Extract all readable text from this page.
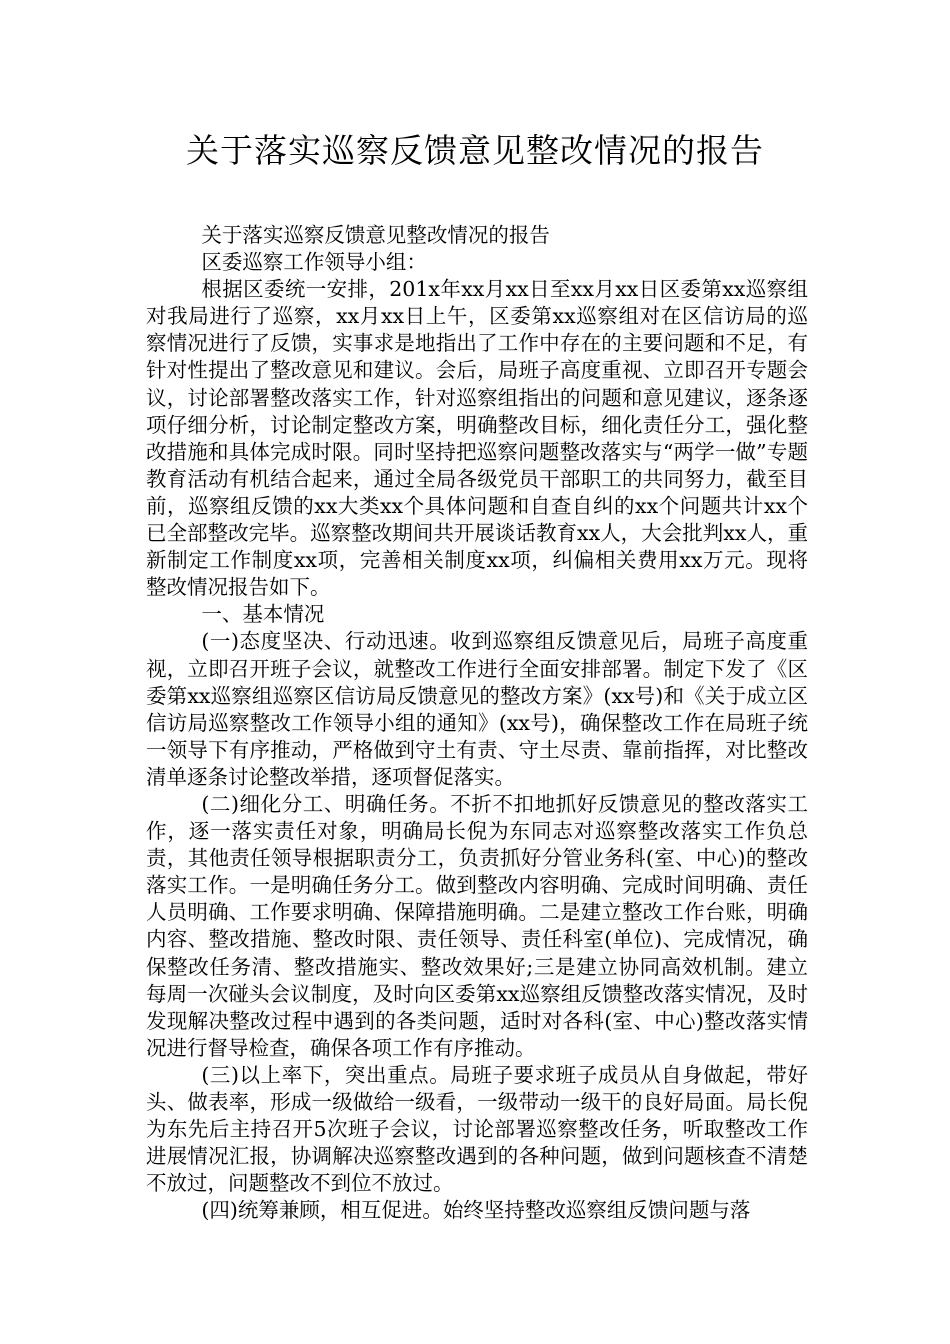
关于落实巡察反馈意见整改情况的报告

关于落实巡察反馈意见整改情况的报告

区委巡察工作领导小组：

根据区委统一安排，201x年xx月xx日至xx月xx日区委第xx巡察组对我局进行了巡察，xx月xx日上午，区委第xx巡察组对在区信访局的巡察情况进行了反馈，实事求是地指出了工作中存在的主要问题和不足，有针对性提出了整改意见和建议。会后，局班子高度重视、立即召开专题会议，讨论部署整改落实工作，针对巡察组指出的问题和意见建议，逐条逐项仔细分析，讨论制定整改方案，明确整改目标，细化责任分工，强化整改措施和具体完成时限。同时坚持把巡察问题整改落实与“两学一做”专题教育活动有机结合起来，通过全局各级党员干部职工的共同努力，截至目前，巡察组反馈的xx大类xx个具体问题和自查自纠的xx个问题共计xx个已全部整改完毕。巡察整改期间共开展谈话教育xx人，大会批判xx人，重新制定工作制度xx项，完善相关制度xx项，纠偏相关费用xx万元。现将整改情况报告如下。

一、基本情况

(一)态度坚决、行动迅速。收到巡察组反馈意见后，局班子高度重视，立即召开班子会议，就整改工作进行全面安排部署。制定下发了《区委第xx巡察组巡察区信访局反馈意见的整改方案》(xx号)和《关于成立区信访局巡察整改工作领导小组的通知》(xx号)，确保整改工作在局班子统一领导下有序推动，严格做到守土有责、守土尽责、靠前指挥，对比整改清单逐条讨论整改举措，逐项督促落实。

(二)细化分工、明确任务。不折不扣地抓好反馈意见的整改落实工作，逐一落实责任对象，明确局长倪为东同志对巡察整改落实工作负总责，其他责任领导根据职责分工，负责抓好分管业务科(室、中心)的整改落实工作。一是明确任务分工。做到整改内容明确、完成时间明确、责任人员明确、工作要求明确、保障措施明确。二是建立整改工作台账，明确内容、整改措施、整改时限、责任领导、责任科室(单位)、完成情况，确保整改任务清、整改措施实、整改效果好;三是建立协同高效机制。建立每周一次碰头会议制度，及时向区委第xx巡察组反馈整改落实情况，及时发现解决整改过程中遇到的各类问题，适时对各科(室、中心)整改落实情况进行督导检查，确保各项工作有序推动。

(三)以上率下，突出重点。局班子要求班子成员从自身做起，带好头、做表率，形成一级做给一级看，一级带动一级干的良好局面。局长倪为东先后主持召开5次班子会议，讨论部署巡察整改任务，听取整改工作进展情况汇报，协调解决巡察整改遇到的各种问题，做到问题核查不清楚不放过，问题整改不到位不放过。

(四)统筹兼顾，相互促进。始终坚持整改巡察组反馈问题与落
